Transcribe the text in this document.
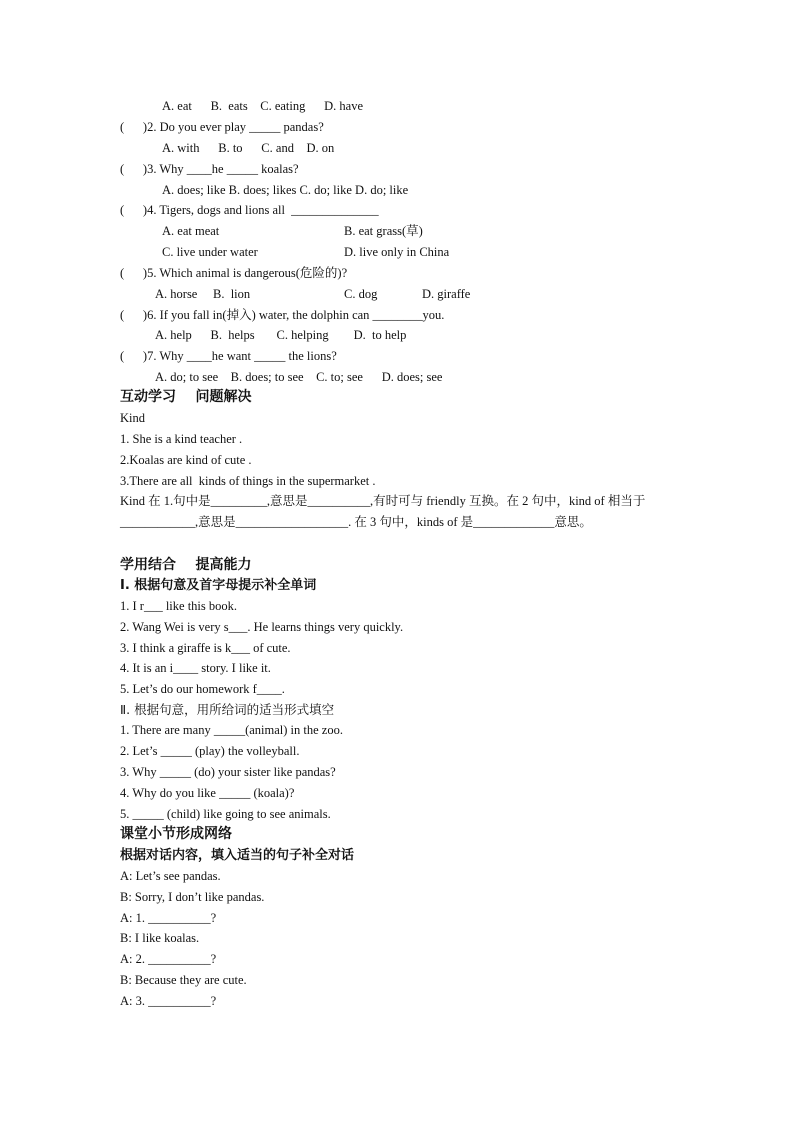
A. eat      B.  eats    C. eating      D. have
(      )2. Do you ever play _____ pandas?
A. with      B. to      C. and    D. on
(      )3. Why ____he _____ koalas?
A. does; like B. does; likes C. do; like D. do; like
(      )4. Tigers, dogs and lions all  ______________
A. eat meat	B. eat grass(草)
C. live under water	D. live only in China
(      )5. Which animal is dangerous(危险的)?
A. horse     B.  lion	C. dog	D. giraffe
(      )6. If you fall in(掉入) water, the dolphin can ________you.
A. help      B.  helps       C. helping        D.  to help
(      )7. Why ____he want _____ the lions?
A. do; to see    B. does; to see    C. to; see      D. does; see
互动学习    问题解决
Kind
1. She is a kind teacher .
2.Koalas are kind of cute .
3.There are all  kinds of things in the supermarket .
Kind 在 1.句中是_________,意思是__________,有时可与 friendly 互换。在 2 句中，kind of 相当于____________,意思是__________________. 在 3 句中，kinds of 是_____________意思。
学用结合    提高能力
Ⅰ. 根据句意及首字母提示补全单词
1. I r___ like this book.
2. Wang Wei is very s___. He learns things very quickly.
3. I think a giraffe is k___ of cute.
4. It is an i____ story. I like it.
5. Let’s do our homework f____.
Ⅱ. 根据句意，用所给词的适当形式填空
1. There are many _____(animal) in the zoo.
2. Let’s _____ (play) the volleyball.
3. Why _____ (do) your sister like pandas?
4. Why do you like _____ (koala)?
5. _____ (child) like going to see animals.
课堂小节形成网络
根据对话内容，填入适当的句子补全对话
A: Let’s see pandas.
B: Sorry, I don’t like pandas.
A: 1. __________?
B: I like koalas.
A: 2. __________?
B: Because they are cute.
A: 3. __________?
